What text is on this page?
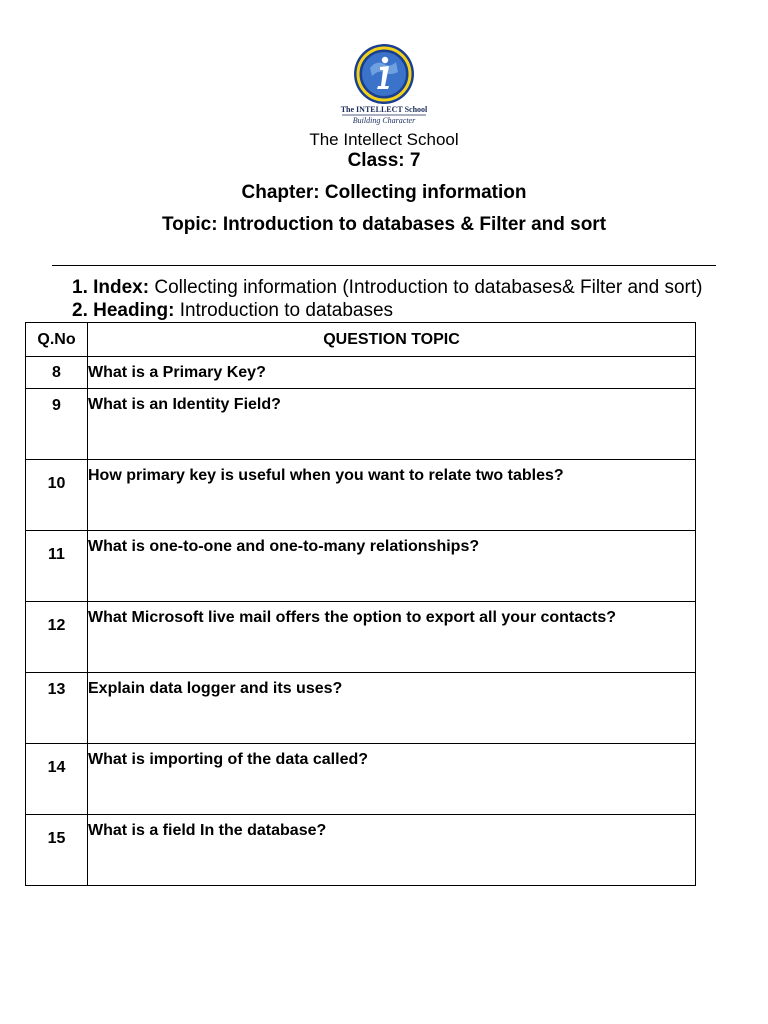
The INTELLECT School
Building Character
The Intellect School
Class: 7
Chapter: Collecting information
Topic: Introduction to databases & Filter and sort
1. Index: Collecting information (Introduction to databases& Filter and sort)
2. Heading: Introduction to databases
Q.No	QUESTION TOPIC
8	What is a Primary Key?
9	What is an Identity Field?
10	How primary key is useful when you want to relate two tables?
11	What is one-to-one and one-to-many relationships?
12	What Microsoft live mail offers the option to export all your contacts?
13	Explain data logger and its uses?
14	What is importing of the data called?
15	What is a field In the database?
